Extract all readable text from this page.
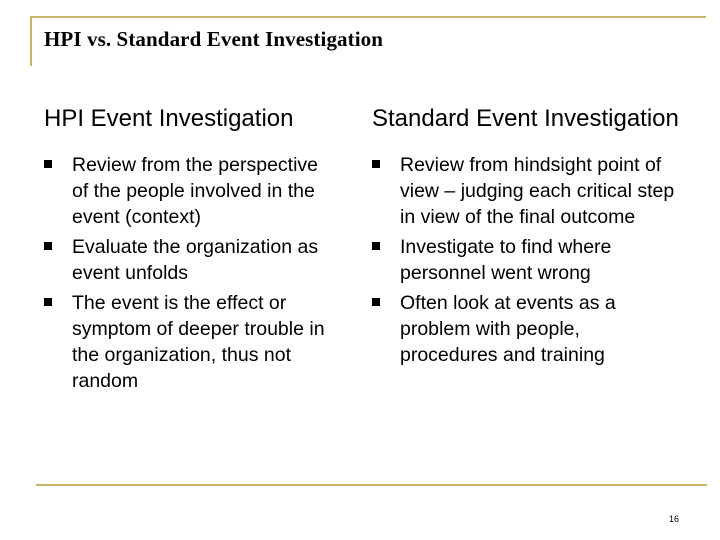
HPI vs. Standard Event Investigation
HPI Event Investigation
Review from the perspective of the people involved in the event (context)
Evaluate the organization as event unfolds
The event is the effect or symptom of deeper trouble in the organization, thus not random
Standard Event Investigation
Review from hindsight point of view – judging each critical step in view of the final outcome
Investigate to find where personnel went wrong
Often look at events as a problem with people, procedures and training
16
